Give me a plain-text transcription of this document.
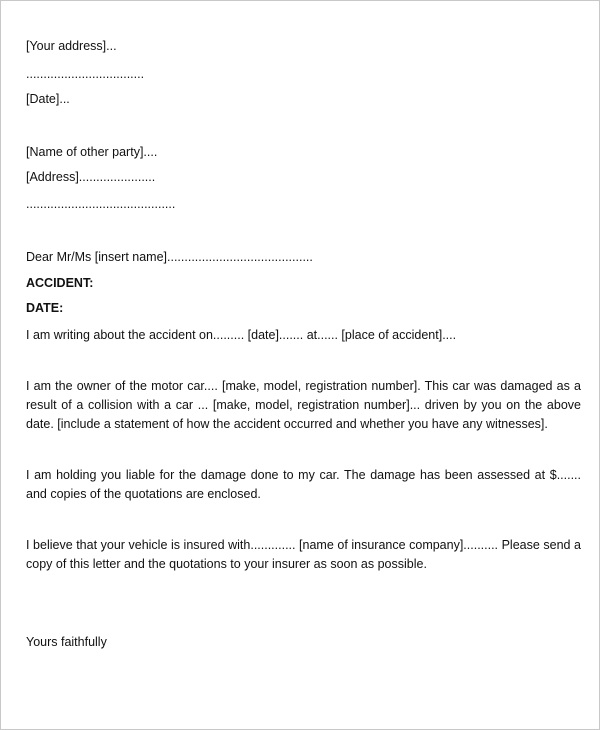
[Your address]...
..................................
[Date]...
[Name of other party]....
[Address]......................
...........................................
Dear Mr/Ms [insert name]..........................................
ACCIDENT:
DATE:

I am writing about the accident on......... [date]....... at...... [place of accident]....

I am the owner of the motor car.... [make, model, registration number]. This car was damaged as a result of a collision with a car ... [make, model, registration number]... driven by you on the above date. [include a statement of how the accident occurred and whether you have any witnesses].

I am holding you liable for the damage done to my car. The damage has been assessed at $....... and copies of the quotations are enclosed.

I believe that your vehicle is insured with............. [name of insurance company].......... Please send a copy of this letter and the quotations to your insurer as soon as possible.

Yours faithfully
